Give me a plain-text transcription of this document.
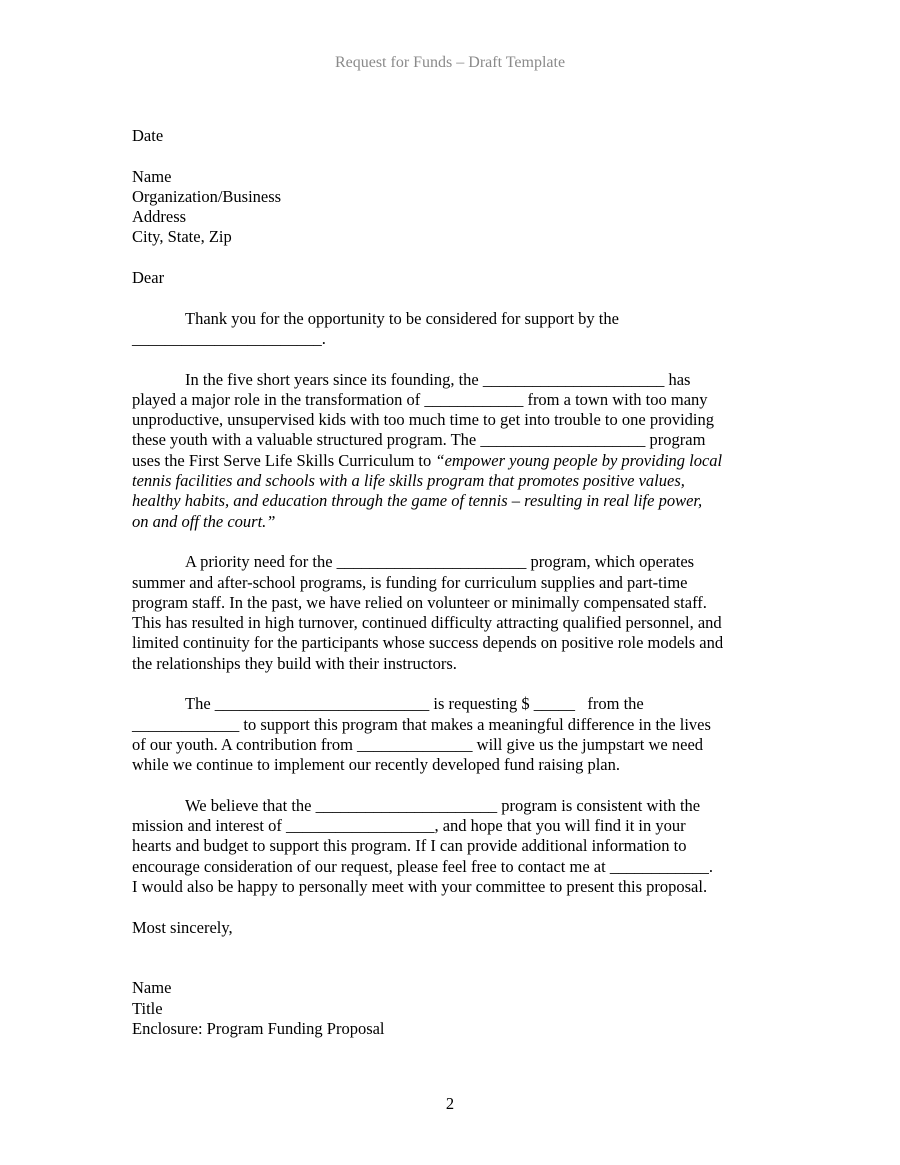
Request for Funds – Draft Template
Date
Name
Organization/Business
Address
City, State, Zip
Dear
Thank you for the opportunity to be considered for support by the
_______________________.
In the five short years since its founding, the ______________________ has
played a major role in the transformation of ____________ from a town with too many
unproductive, unsupervised kids with too much time to get into trouble to one providing
these youth with a valuable structured program. The ____________________ program
uses the First Serve Life Skills Curriculum to “empower young people by providing local
tennis facilities and schools with a life skills program that promotes positive values,
healthy habits, and education through the game of tennis – resulting in real life power,
on and off the court.”
A priority need for the _______________________ program, which operates
summer and after-school programs, is funding for curriculum supplies and part-time
program staff. In the past, we have relied on volunteer or minimally compensated staff.
This has resulted in high turnover, continued difficulty attracting qualified personnel, and
limited continuity for the participants whose success depends on positive role models and
the relationships they build with their instructors.
The __________________________ is requesting $ _____   from the
_____________ to support this program that makes a meaningful difference in the lives
of our youth. A contribution from ______________ will give us the jumpstart we need
while we continue to implement our recently developed fund raising plan.
We believe that the ______________________ program is consistent with the
mission and interest of __________________, and hope that you will find it in your
hearts and budget to support this program. If I can provide additional information to
encourage consideration of our request, please feel free to contact me at ____________.
I would also be happy to personally meet with your committee to present this proposal.
Most sincerely,
Name
Title
Enclosure: Program Funding Proposal
2
